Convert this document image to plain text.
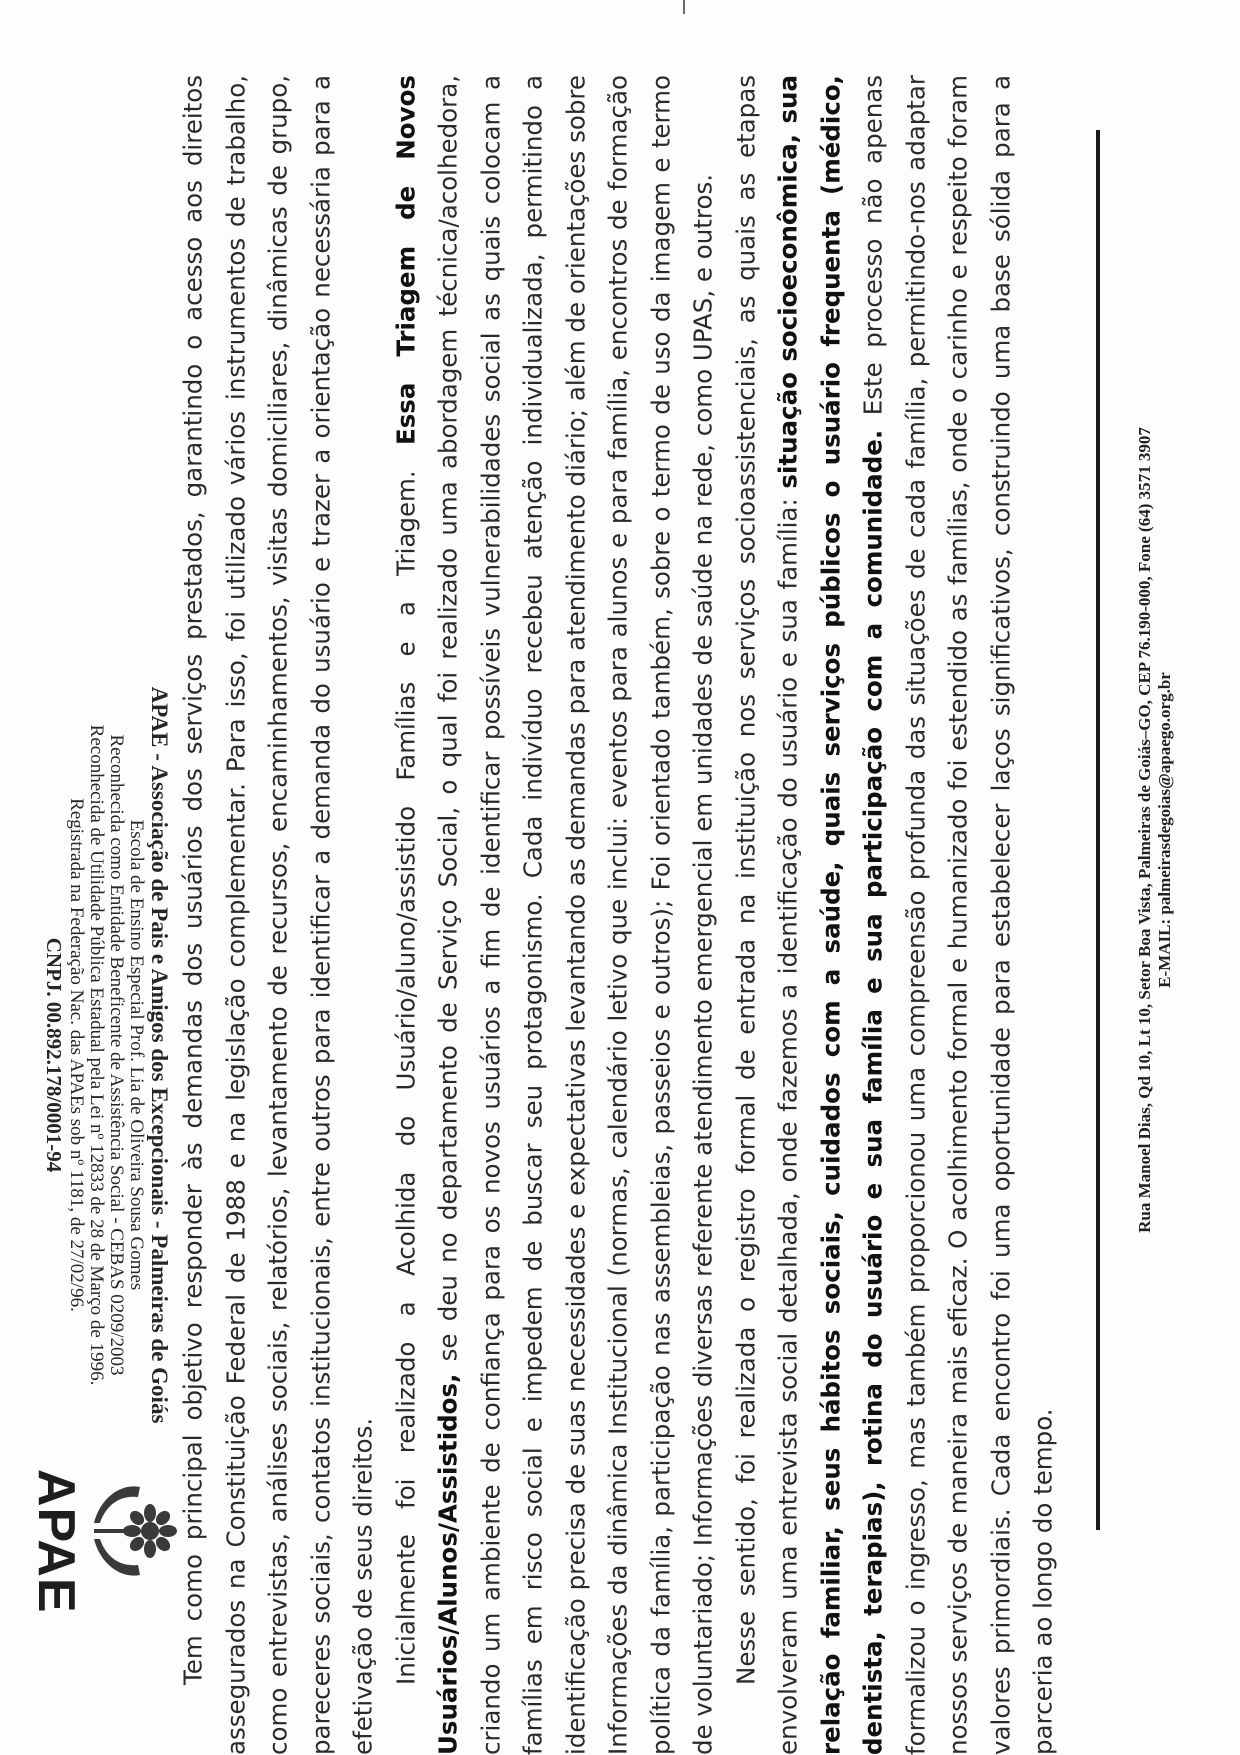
APAE
APAE - Associação de Pais e Amigos dos Excepcionais - Palmeiras de Goiás
Escola de Ensino Especial Prof. Lia de Oliveira Sousa Gomes
Reconhecida como Entidade Beneficente de Assistência Social - CEBAS 0209/2003
Reconhecida de Utilidade Pública Estadual pela Lei nº 12833 de 28 de Março de 1996.
Registrada na Federação Nac. das APAEs sob nº 1181, de 27/02/96.
CNPJ. 00.892.178/0001-94	Tem como principal objetivo responder às demandas dos usuários dos serviços prestados, garantindo o acesso aos direitos assegurados na Constituição Federal de 1988 e na legislação complementar. Para isso, foi utilizado vários instrumentos de trabalho, como entrevistas, análises sociais, relatórios, levantamento de recursos, encaminhamentos, visitas domiciliares, dinâmicas de grupo, pareceres sociais, contatos institucionais, entre outros para identificar a demanda do usuário e trazer a orientação necessária para a efetivação de seus direitos. Inicialmente foi realizado a Acolhida do Usuário/aluno/assistido Famílias e a Triagem. Essa Triagem de Novos Usuários/Alunos/Assistidos, se deu no departamento de Serviço Social, o qual foi realizado uma abordagem técnica/acolhedora, criando um ambiente de confiança para os novos usuários a fim de identificar possíveis vulnerabilidades social as quais colocam a famílias em risco social e impedem de buscar seu protagonismo. Cada indivíduo recebeu atenção individualizada, permitindo a identificação precisa de suas necessidades e expectativas levantando as demandas para atendimento diário; além de orientações sobre Informações da dinâmica Institucional (normas, calendário letivo que inclui: eventos para alunos e para família, encontros de formação política da família, participação nas assembleias, passeios e outros); Foi orientado também, sobre o termo de uso da imagem e termo de voluntariado; Informações diversas referente atendimento emergencial em unidades de saúde na rede, como UPAS, e outros. Nesse sentido, foi realizada o registro formal de entrada na instituição nos serviços socioassistenciais, as quais as etapas envolveram uma entrevista social detalhada, onde fazemos a identificação do usuário e sua família: situação socioeconômica, sua relação familiar, seus hábitos sociais, cuidados com a saúde, quais serviços públicos o usuário frequenta (médico, dentista, terapias), rotina do usuário e sua família e sua participação com a comunidade. Este processo não apenas formalizou o ingresso, mas também proporcionou uma compreensão profunda das situações de cada família, permitindo-nos adaptar nossos serviços de maneira mais eficaz. O acolhimento formal e humanizado foi estendido as famílias, onde o carinho e respeito foram valores primordiais. Cada encontro foi uma oportunidade para estabelecer laços significativos, construindo uma base sólida para a parceria ao longo do tempo.

Rua Manoel Dias, Qd 10, Lt 10, Setor Boa Vista, Palmeiras de Goiás–GO, CEP 76.190-000, Fone (64) 3571 3907 E-MAIL: palmeirasdegoias@apaego.org.br
